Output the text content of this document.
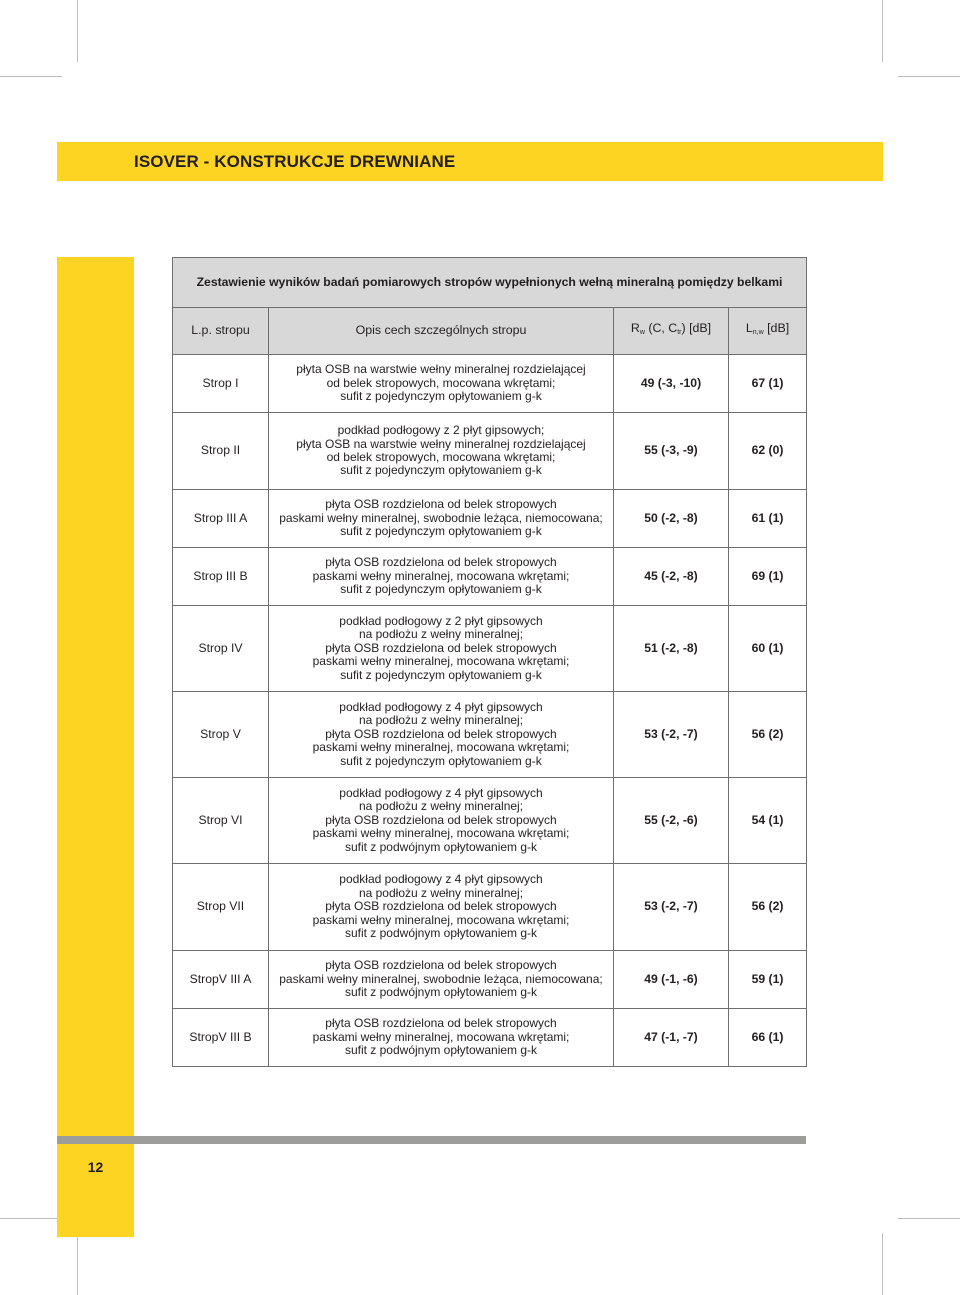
ISOVER - KONSTRUKCJE DREWNIANE
12
Zestawienie wyników badań pomiarowych stropów wypełnionych wełną mineralną pomiędzy belkami			
L.p. stropu	Opis cech szczególnych stropu	$R_w$ (C, $C_{tr}$) [dB]	$L_{n,w}$ [dB]
Strop I	płyta OSB na warstwie wełny mineralnej rozdzielającej
od belek stropowych, mocowana wkrętami;
sufit z pojedynczym opłytowaniem g-k	49 (-3, -10)	67 (1)
Strop II	podkład podłogowy z 2 płyt gipsowych;
płyta OSB na warstwie wełny mineralnej rozdzielającej
od belek stropowych, mocowana wkrętami;
sufit z pojedynczym opłytowaniem g-k	55 (-3, -9)	62 (0)
Strop III A	płyta OSB rozdzielona od belek stropowych
paskami wełny mineralnej, swobodnie leżąca, niemocowana;
sufit z pojedynczym opłytowaniem g-k	50 (-2, -8)	61 (1)
Strop III B	płyta OSB rozdzielona od belek stropowych
paskami wełny mineralnej, mocowana wkrętami;
sufit z pojedynczym opłytowaniem g-k	45 (-2, -8)	69 (1)
Strop IV	podkład podłogowy z 2 płyt gipsowych
na podłożu z wełny mineralnej;
płyta OSB rozdzielona od belek stropowych
paskami wełny mineralnej, mocowana wkrętami;
sufit z pojedynczym opłytowaniem g-k	51 (-2, -8)	60 (1)
Strop V	podkład podłogowy z 4 płyt gipsowych
na podłożu z wełny mineralnej;
płyta OSB rozdzielona od belek stropowych
paskami wełny mineralnej, mocowana wkrętami;
sufit z pojedynczym opłytowaniem g-k	53 (-2, -7)	56 (2)
Strop VI	podkład podłogowy z 4 płyt gipsowych
na podłożu z wełny mineralnej;
płyta OSB rozdzielona od belek stropowych
paskami wełny mineralnej, mocowana wkrętami;
sufit z podwójnym opłytowaniem g-k	55 (-2, -6)	54 (1)
Strop VII	podkład podłogowy z 4 płyt gipsowych
na podłożu z wełny mineralnej;
płyta OSB rozdzielona od belek stropowych
paskami wełny mineralnej, mocowana wkrętami;
sufit z podwójnym opłytowaniem g-k	53 (-2, -7)	56 (2)
StropV III A	płyta OSB rozdzielona od belek stropowych
paskami wełny mineralnej, swobodnie leżąca, niemocowana;
sufit z podwójnym opłytowaniem g-k	49 (-1, -6)	59 (1)
StropV III B	płyta OSB rozdzielona od belek stropowych
paskami wełny mineralnej, mocowana wkrętami;
sufit z podwójnym opłytowaniem g-k	47 (-1, -7)	66 (1)
